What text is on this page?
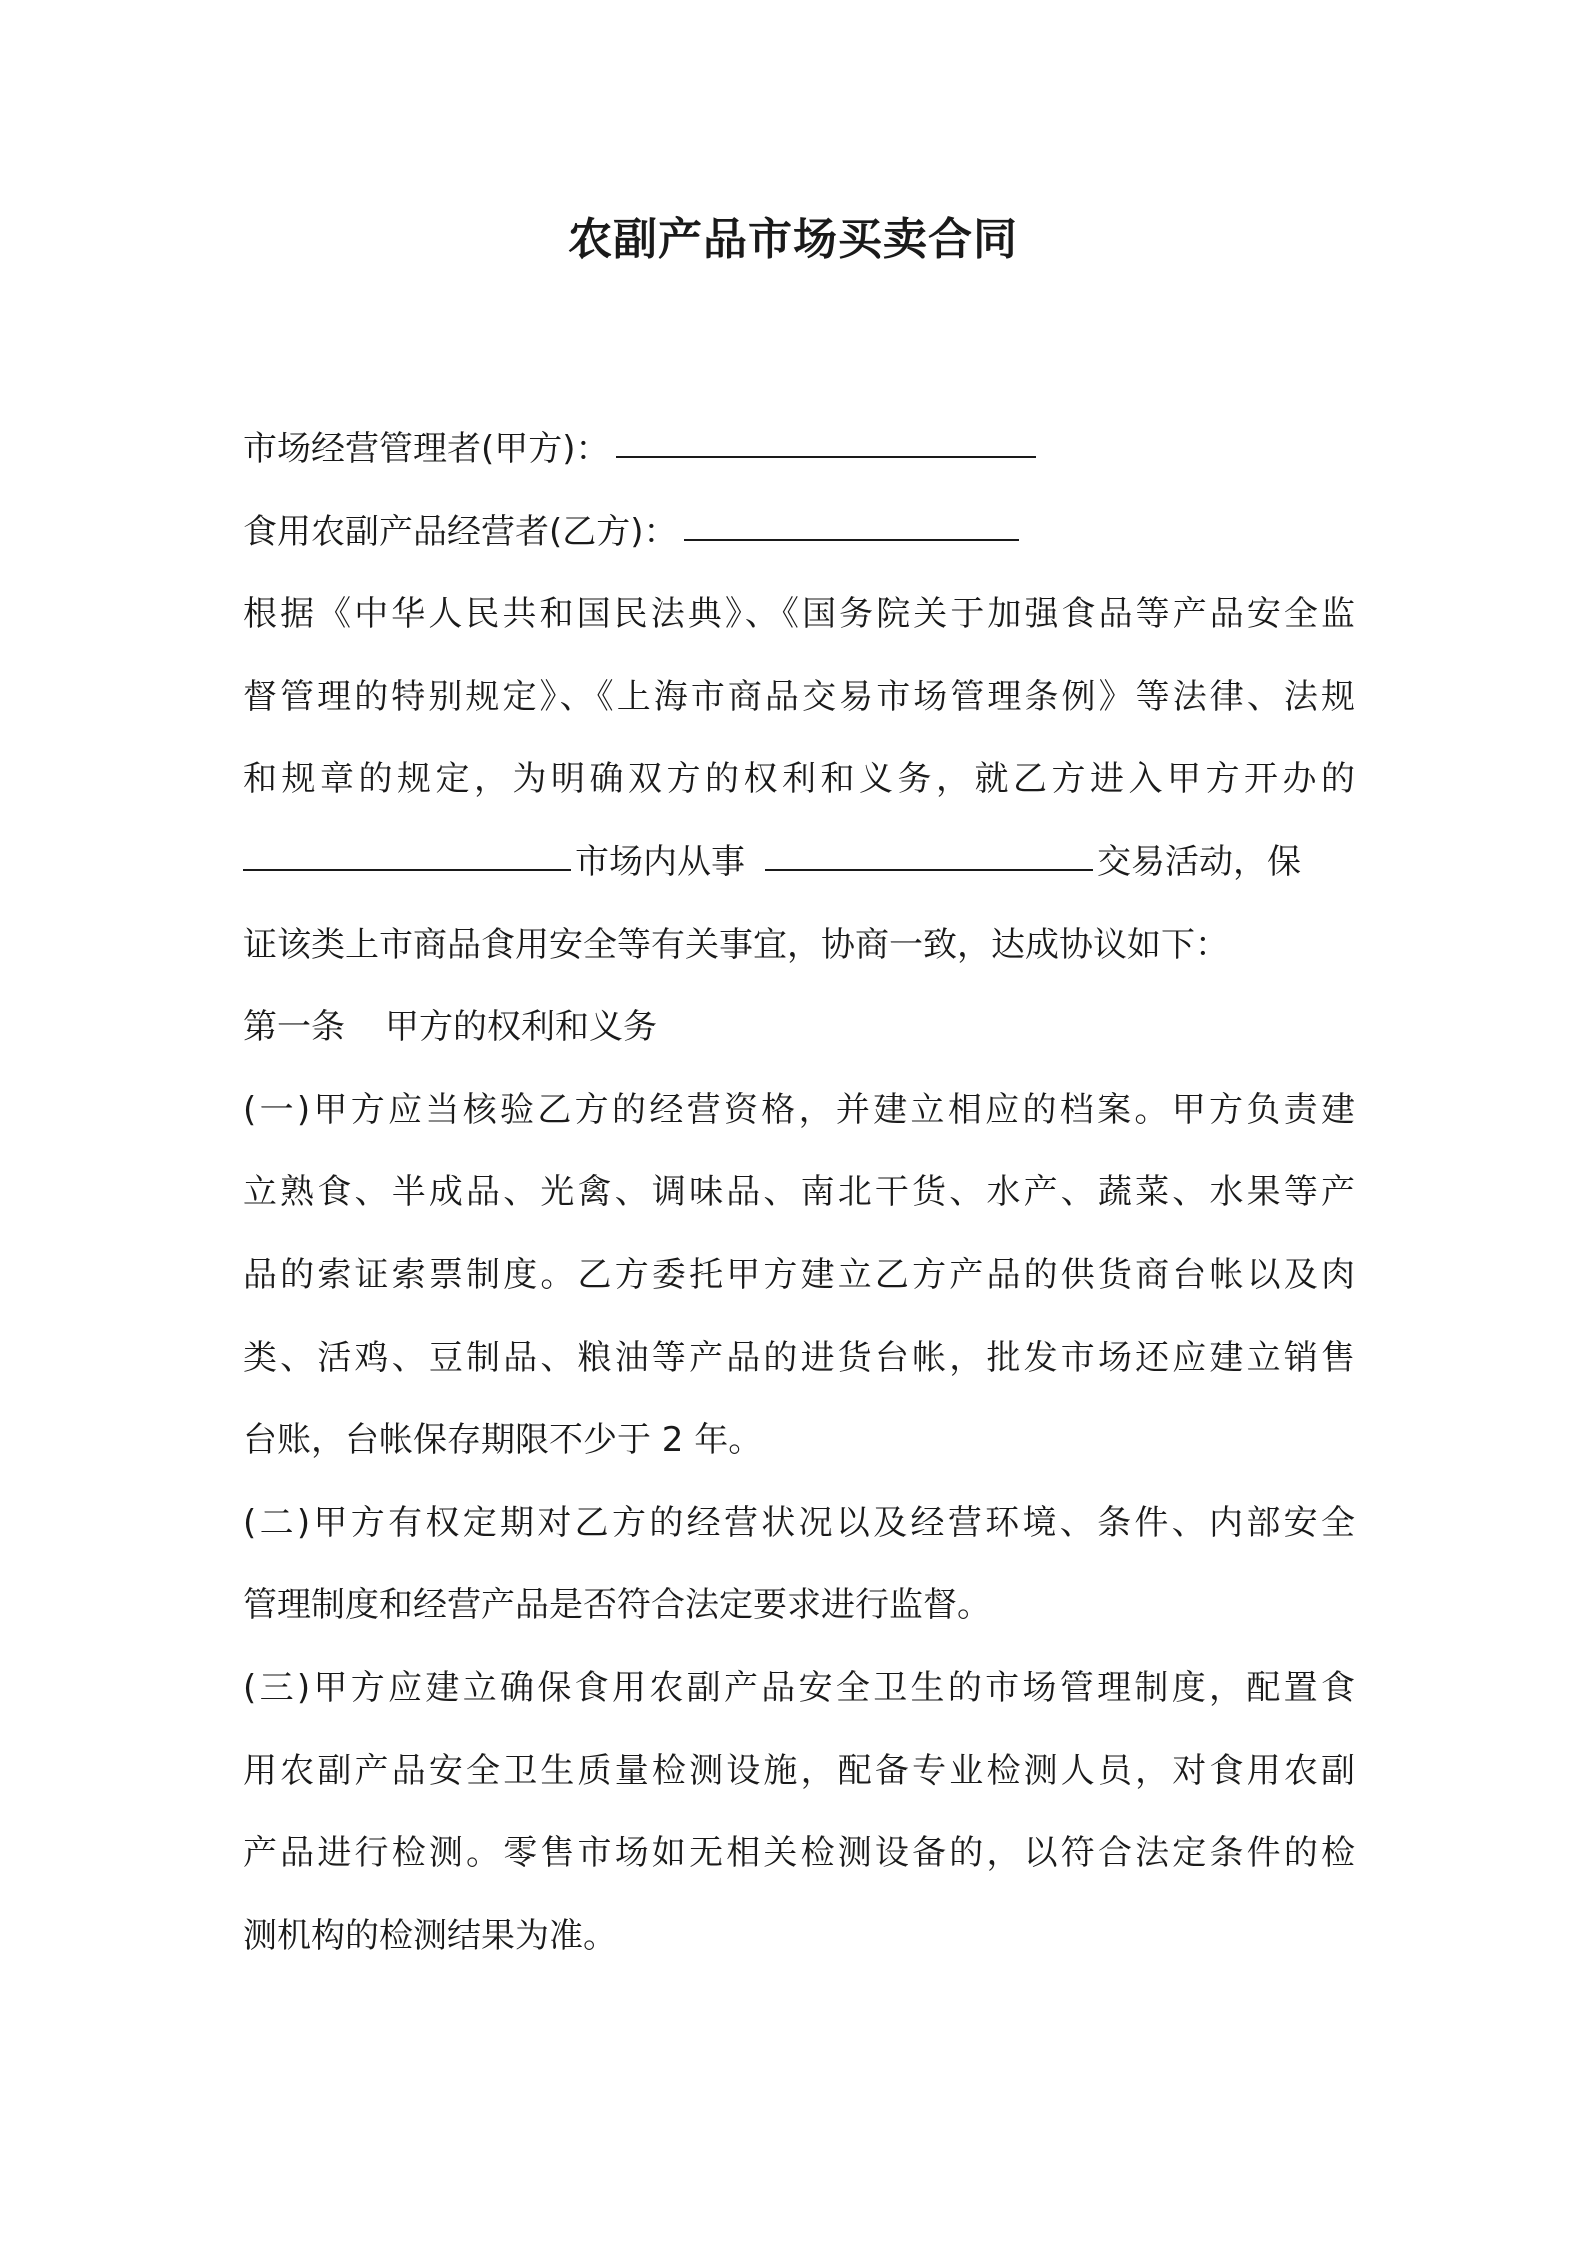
农副产品市场买卖合同
市场经营管理者(甲方)：
食用农副产品经营者(乙方)：
根据《中华人民共和国民法典》、《国务院关于加强食品等产品安全监
督管理的特别规定》、《上海市商品交易市场管理条例》等法律、法规
和规章的规定，为明确双方的权利和义务，就乙方进入甲方开办的
市场内从事	交易活动，保
证该类上市商品食用安全等有关事宜，协商一致，达成协议如下：
第一条 甲方的权利和义务
(一)甲方应当核验乙方的经营资格，并建立相应的档案。甲方负责建
立熟食、半成品、光禽、调味品、南北干货、水产、蔬菜、水果等产
品的索证索票制度。乙方委托甲方建立乙方产品的供货商台帐以及肉
类、活鸡、豆制品、粮油等产品的进货台帐，批发市场还应建立销售
台账，台帐保存期限不少于 2 年。
(二)甲方有权定期对乙方的经营状况以及经营环境、条件、内部安全
管理制度和经营产品是否符合法定要求进行监督。
(三)甲方应建立确保食用农副产品安全卫生的市场管理制度，配置食
用农副产品安全卫生质量检测设施，配备专业检测人员，对食用农副
产品进行检测。零售市场如无相关检测设备的，以符合法定条件的检
测机构的检测结果为准。
